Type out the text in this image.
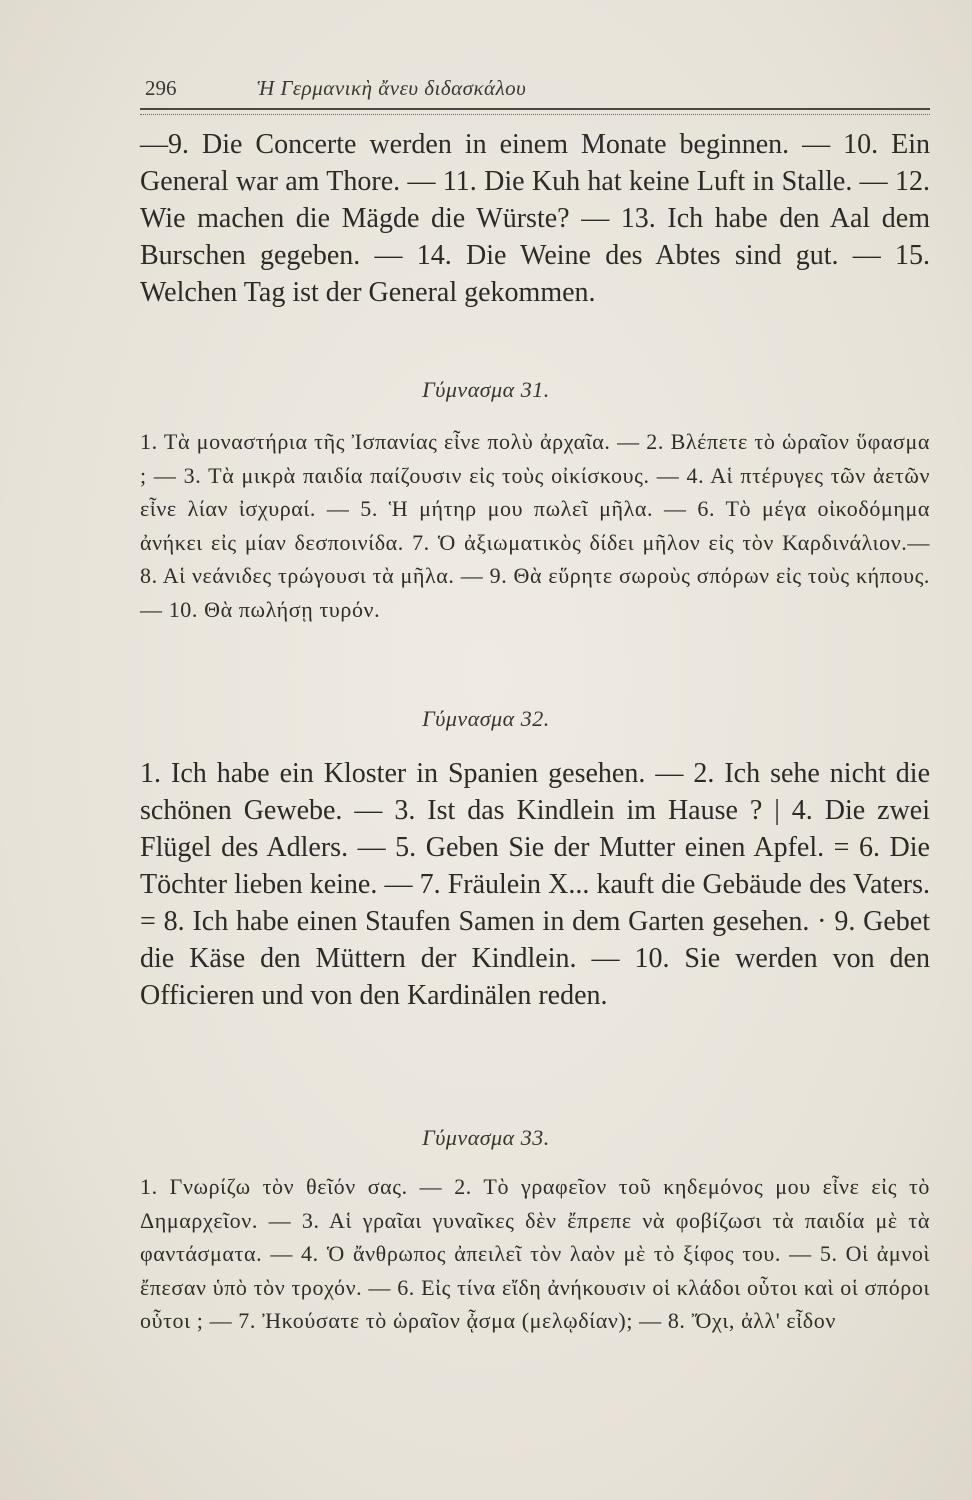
296	Ἡ Γερμανικὴ ἄνευ διδασκάλου

—9. Die Concerte werden in einem Monate beginnen. — 10. Ein General war am Thore. — 11. Die Kuh hat keine Luft in Stalle. — 12. Wie machen die Mägde die Würste? — 13. Ich habe den Aal dem Burschen gegeben. — 14. Die Weine des Abtes sind gut. — 15. Welchen Tag ist der General gekommen.

Γύμνασμα 31.

1. Τὰ μοναστήρια τῆς Ἰσπανίας εἶνε πολὺ ἀρχαῖα. — 2. Βλέπετε τὸ ὡραῖον ὕφασμα ; — 3. Τὰ μικρὰ παιδία παίζουσιν εἰς τοὺς οἰκίσκους. — 4. Αἱ πτέρυγες τῶν ἀετῶν εἶνε λίαν ἰσχυραί. — 5. Ἡ μήτηρ μου πωλεῖ μῆλα. — 6. Τὸ μέγα οἰκοδόμημα ἀνήκει εἰς μίαν δεσποινίδα. 7. Ὁ ἀξιωματικὸς δίδει μῆλον εἰς τὸν Καρδινάλιον.— 8. Αἱ νεάνιδες τρώγουσι τὰ μῆλα. — 9. Θὰ εὕρητε σωροὺς σπόρων εἰς τοὺς κήπους. — 10. Θὰ πωλήσῃ τυρόν.

Γύμνασμα 32.

1. Ich habe ein Kloster in Spanien gesehen. — 2. Ich sehe nicht die schönen Gewebe. — 3. Ist das Kindlein im Hause ? | 4. Die zwei Flügel des Adlers. — 5. Geben Sie der Mutter einen Apfel. = 6. Die Töchter lieben keine. — 7. Fräulein X... kauft die Gebäude des Vaters. = 8. Ich habe einen Staufen Samen in dem Garten gesehen. · 9. Gebet die Käse den Müttern der Kindlein. — 10. Sie werden von den Officieren und von den Kardinälen reden.

Γύμνασμα 33.

1. Γνωρίζω τὸν θεῖόν σας. — 2. Τὸ γραφεῖον τοῦ κηδεμόνος μου εἶνε εἰς τὸ Δημαρχεῖον. — 3. Αἱ γραῖαι γυναῖκες δὲν ἔπρεπε νὰ φοβίζωσι τὰ παιδία μὲ τὰ φαντάσματα. — 4. Ὁ ἄνθρωπος ἀπειλεῖ τὸν λαὸν μὲ τὸ ξίφος του. — 5. Οἱ ἀμνοὶ ἔπεσαν ὑπὸ τὸν τροχόν. — 6. Εἰς τίνα εἴδη ἀνήκουσιν οἱ κλάδοι οὗτοι καὶ οἱ σπόροι οὗτοι ; — 7. Ἠκούσατε τὸ ὡραῖον ᾆσμα (μελῳδίαν); — 8. Ὄχι, ἀλλ' εἶδον
